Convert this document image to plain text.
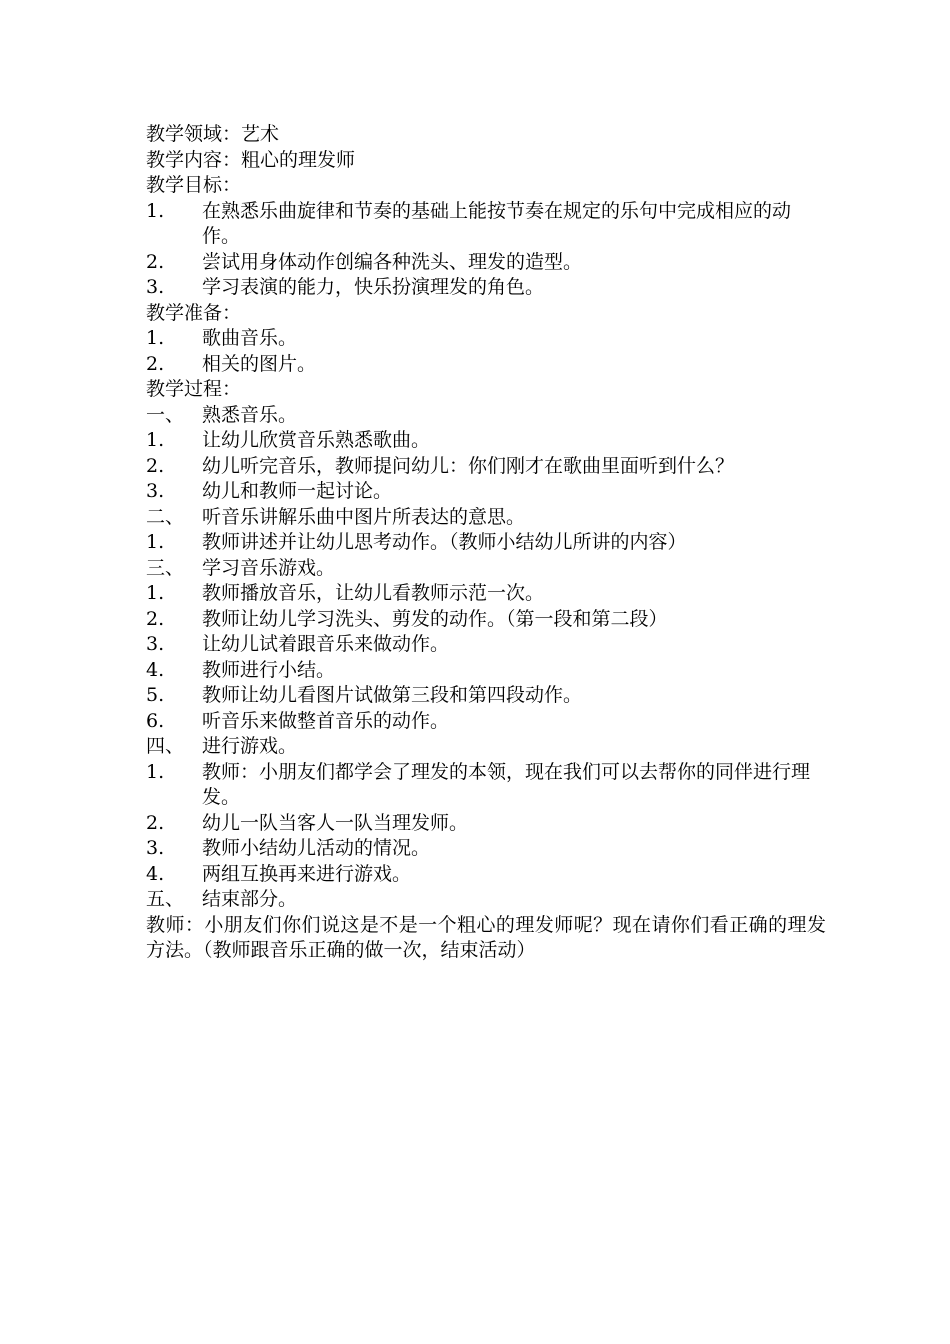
教学领域：艺术
教学内容：粗心的理发师
教学目标：
1.	在熟悉乐曲旋律和节奏的基础上能按节奏在规定的乐句中完成相应的动作。
2.	尝试用身体动作创编各种洗头、理发的造型。
3.	学习表演的能力，快乐扮演理发的角色。
教学准备：
1.	歌曲音乐。
2.	相关的图片。
教学过程：
一、 熟悉音乐。
1.	让幼儿欣赏音乐熟悉歌曲。
2.	幼儿听完音乐，教师提问幼儿：你们刚才在歌曲里面听到什么？
3.	幼儿和教师一起讨论。
二、 听音乐讲解乐曲中图片所表达的意思。
1.	教师讲述并让幼儿思考动作。（教师小结幼儿所讲的内容）
三、 学习音乐游戏。
1.	教师播放音乐，让幼儿看教师示范一次。
2.	教师让幼儿学习洗头、剪发的动作。（第一段和第二段）
3.	让幼儿试着跟音乐来做动作。
4.	教师进行小结。
5.	教师让幼儿看图片试做第三段和第四段动作。
6.	听音乐来做整首音乐的动作。
四、 进行游戏。
1.	教师：小朋友们都学会了理发的本领，现在我们可以去帮你的同伴进行理发。
2.	幼儿一队当客人一队当理发师。
3.	教师小结幼儿活动的情况。
4.	两组互换再来进行游戏。
五、 结束部分。
教师：小朋友们你们说这是不是一个粗心的理发师呢？现在请你们看正确的理发方法。（教师跟音乐正确的做一次，结束活动）
